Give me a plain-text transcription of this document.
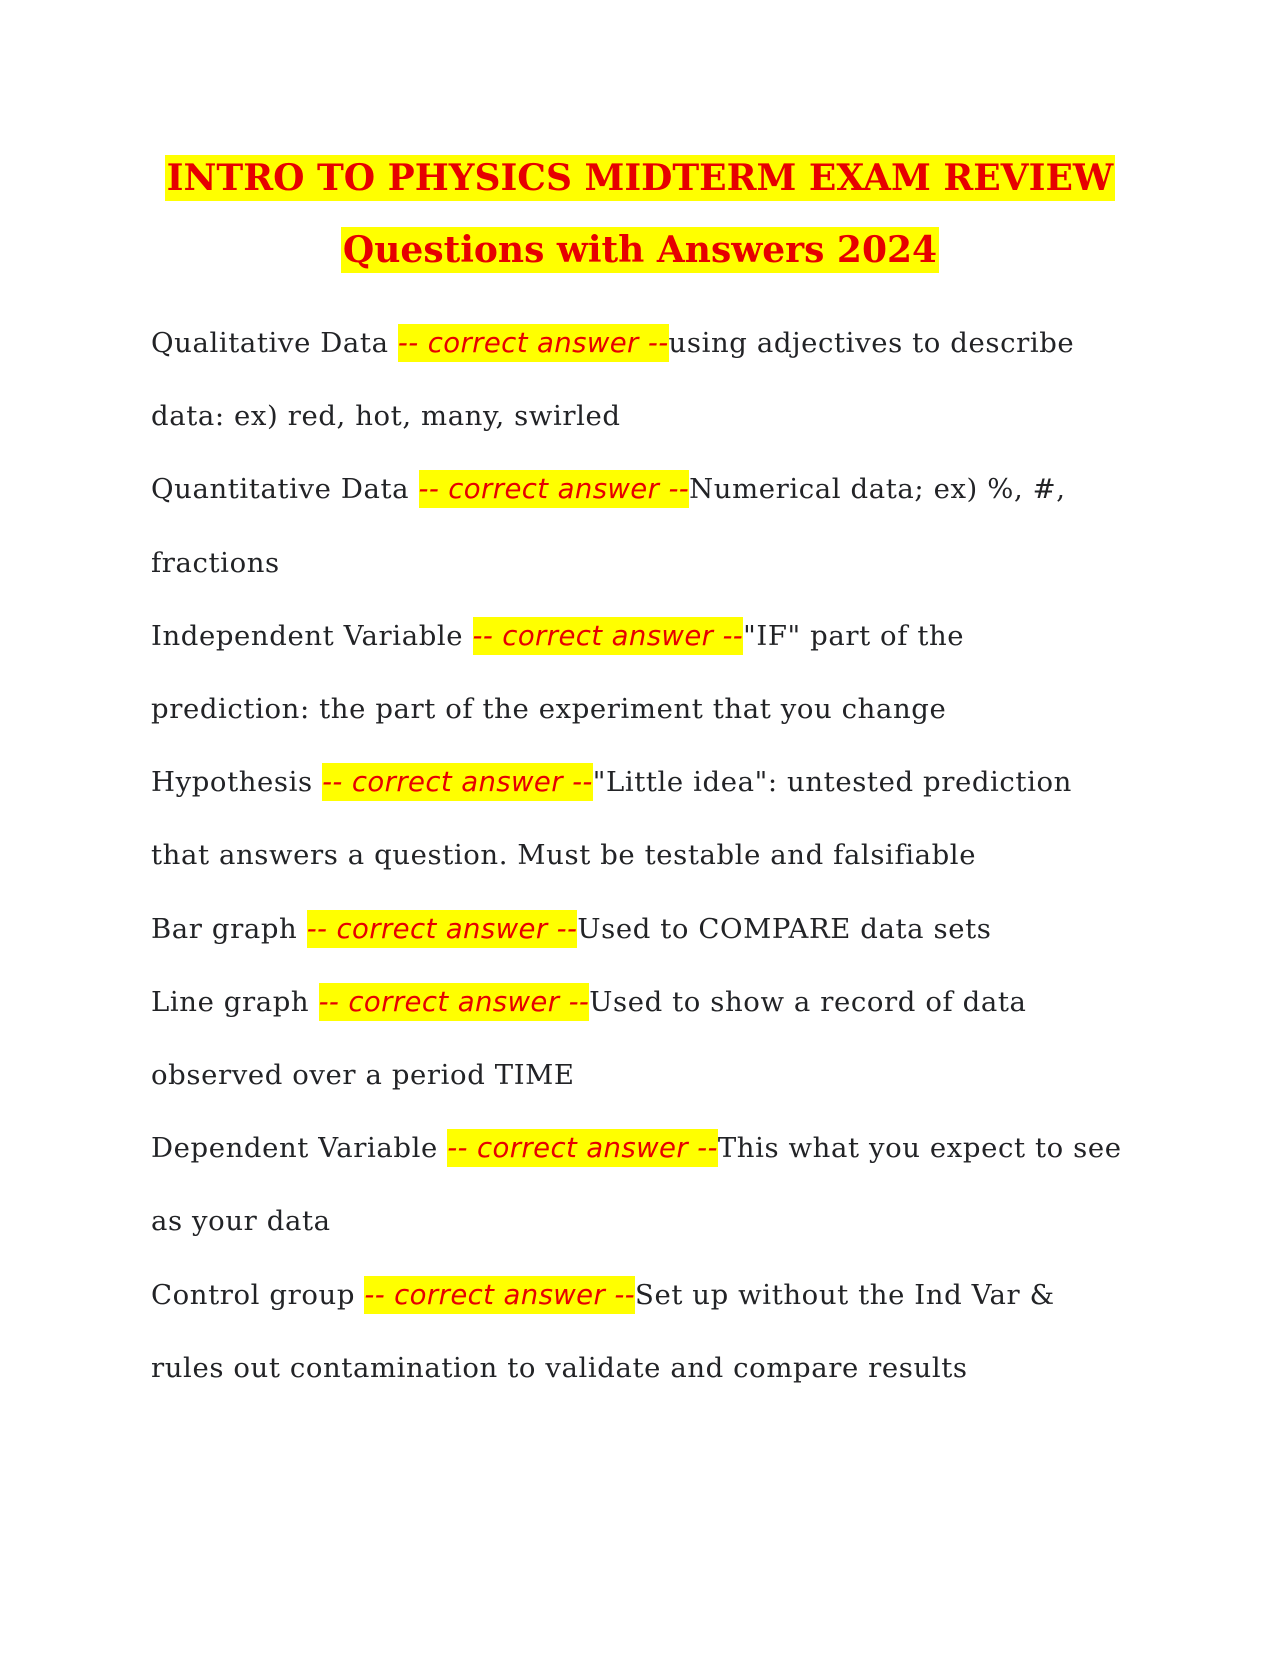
INTRO TO PHYSICS MIDTERM EXAM REVIEW
Questions with Answers 2024

Qualitative Data -- correct answer --using adjectives to describe data: ex) red, hot, many, swirled

Quantitative Data -- correct answer --Numerical data; ex) %, #, fractions

Independent Variable -- correct answer --"IF" part of the prediction: the part of the experiment that you change

Hypothesis -- correct answer --"Little idea": untested prediction that answers a question. Must be testable and falsifiable

Bar graph -- correct answer --Used to COMPARE data sets

Line graph -- correct answer --Used to show a record of data observed over a period TIME

Dependent Variable -- correct answer --This what you expect to see as your data

Control group -- correct answer --Set up without the Ind Var & rules out contamination to validate and compare results
